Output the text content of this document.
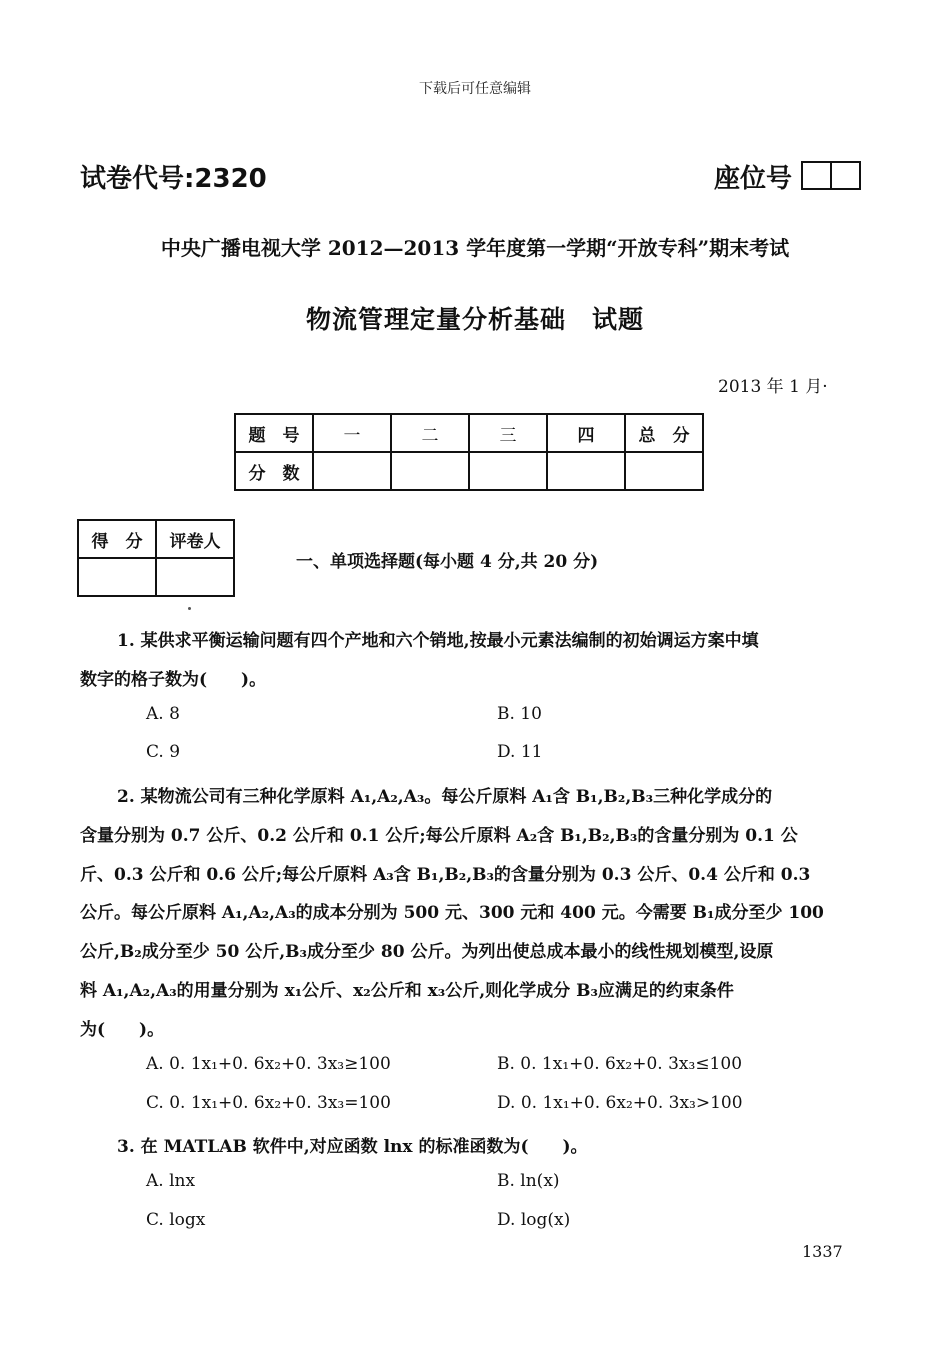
下载后可任意编辑
试卷代号:2320	座位号
中央广播电视大学 2012—2013 学年度第一学期“开放专科”期末考试
物流管理定量分析基础　试题
2013 年 1 月·
题　号	一	二	三	四	总　分
分　数					
得　分	评卷人

一、单项选择题(每小题 4 分,共 20 分)
1. 某供求平衡运输问题有四个产地和六个销地,按最小元素法编制的初始调运方案中填
数字的格子数为(　　)。
A. 8	B. 10
C. 9	D. 11
2. 某物流公司有三种化学原料 A₁,A₂,A₃。每公斤原料 A₁含 B₁,B₂,B₃三种化学成分的
含量分别为 0.7 公斤、0.2 公斤和 0.1 公斤;每公斤原料 A₂含 B₁,B₂,B₃的含量分别为 0.1 公
斤、0.3 公斤和 0.6 公斤;每公斤原料 A₃含 B₁,B₂,B₃的含量分别为 0.3 公斤、0.4 公斤和 0.3
公斤。每公斤原料 A₁,A₂,A₃的成本分别为 500 元、300 元和 400 元。今需要 B₁成分至少 100
公斤,B₂成分至少 50 公斤,B₃成分至少 80 公斤。为列出使总成本最小的线性规划模型,设原
料 A₁,A₂,A₃的用量分别为 x₁公斤、x₂公斤和 x₃公斤,则化学成分 B₃应满足的约束条件
为(　　)。
A. 0. 1x₁+0. 6x₂+0. 3x₃≥100	B. 0. 1x₁+0. 6x₂+0. 3x₃≤100
C. 0. 1x₁+0. 6x₂+0. 3x₃=100	D. 0. 1x₁+0. 6x₂+0. 3x₃>100
3. 在 MATLAB 软件中,对应函数 lnx 的标准函数为(　　)。
A. lnx	B. ln(x)
C. logx	D. log(x)
1337
